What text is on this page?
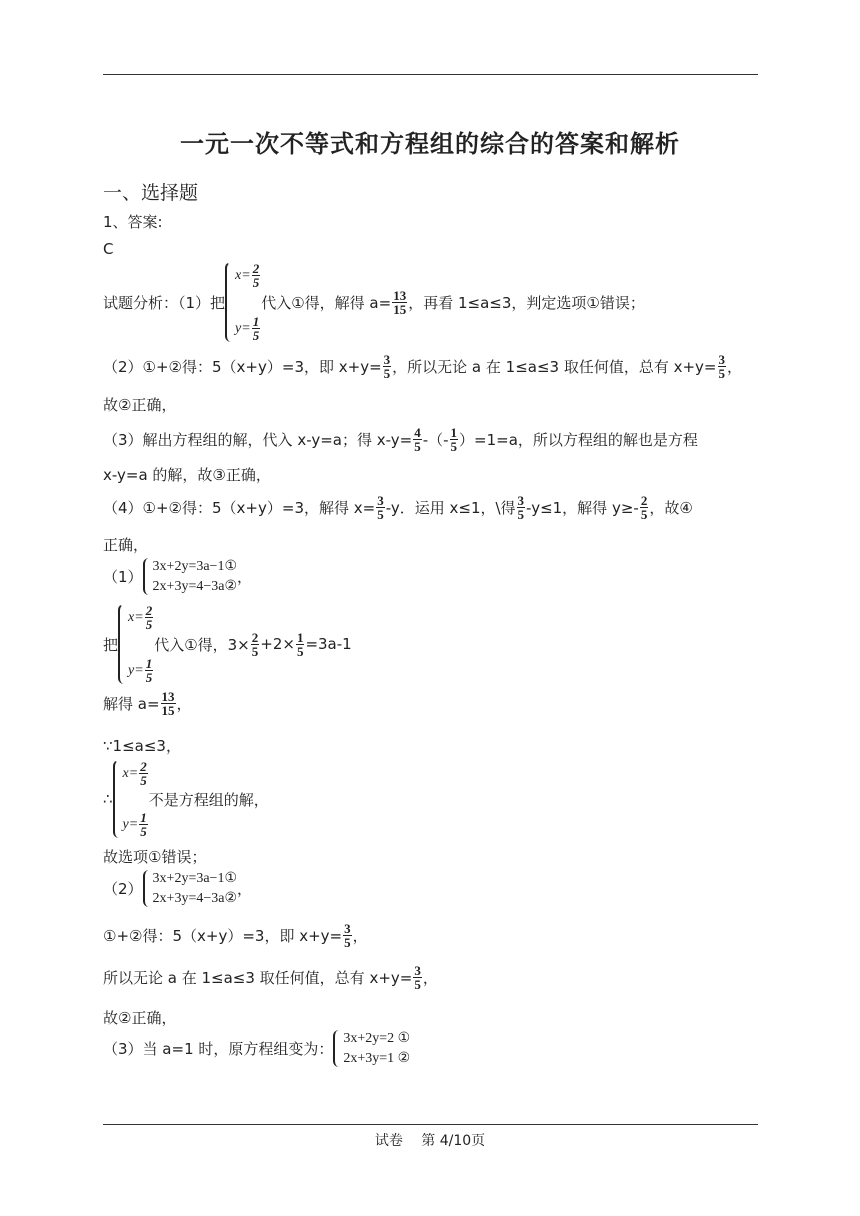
一元一次不等式和方程组的综合的答案和解析
一、选择题
1、答案:
C
试题分析：（1）把
$x= \frac{2}{5}$
$y= \frac{1}{5}$
代入①得，解得 $a= \frac{13}{15}$ ，再看 1≤a≤3，判定选项①错误；
（2）①+②得：5（x+y）=3，即 $x+y= \frac{3}{5}$ ，所以无论 a 在 1≤a≤3 取任何值，总有 $x+y= \frac{3}{5}$ ，
故②正确，
（3）解出方程组的解，代入 x-y=a；得 $x-y= \frac{4}{5}$ -（- $\frac{1}{5} )=1=a$，所以方程组的解也是方程
x-y=a 的解，故③正确，
（4）①+②得：5（x+y）=3，解得 $x= \frac{3}{5} -y$．运用 x≤1，\得 $\frac{3}{5} -y\le 1$，解得 $y\ge- \frac{2}{5}$ ，故④
正确，
（1）
3x+2y=3a−1①
2x+3y=4−3a②
，
把
$x= \frac{2}{5}$
$y= \frac{1}{5}$
代入①得，$3\times \frac{2}{5} +2\times \frac{1}{5} =3a-1$
解得 $a= \frac{13}{15}$ ，
∵1≤a≤3，
∴
$x= \frac{2}{5}$
$y= \frac{1}{5}$
不是方程组的解，
故选项①错误；
（2）
3x+2y=3a−1①
2x+3y=4−3a②
，
①+②得：5（x+y）=3，即 $x+y= \frac{3}{5}$ ，
所以无论 a 在 1≤a≤3 取任何值，总有 $x+y= \frac{3}{5}$ ，
故②正确，
（3）当 a=1 时，原方程组变为：
3x+2y=2 ①
2x+3y=1 ②
试卷　 第 4/10页
